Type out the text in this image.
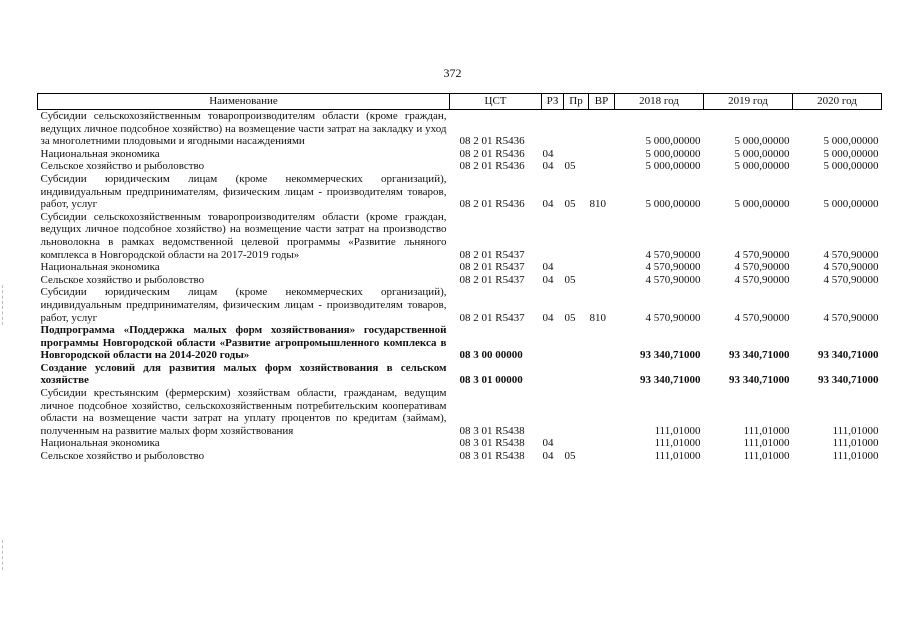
372
Наименование	ЦСТ	РЗ	Пр	ВР	2018 год	2019 год	2020 год
Субсидии сельскохозяйственным товаропроизводителям области (кроме граждан, ведущих личное подсобное хозяйство) на возмещение части затрат на закладку и уход за многолетними плодовыми и ягодными насаждениями	08 2 01 R5436				5 000,00000	5 000,00000	5 000,00000
Национальная экономика	08 2 01 R5436	04			5 000,00000	5 000,00000	5 000,00000
Сельское хозяйство и рыболовство	08 2 01 R5436	04	05		5 000,00000	5 000,00000	5 000,00000
Субсидии юридическим лицам (кроме некоммерческих организаций), индивидуальным предпринимателям, физическим лицам - производителям товаров, работ, услуг	08 2 01 R5436	04	05	810	5 000,00000	5 000,00000	5 000,00000
Субсидии сельскохозяйственным товаропроизводителям области (кроме граждан, ведущих личное подсобное хозяйство) на возмещение части затрат на производство льноволокна в рамках ведомственной целевой программы «Развитие льняного комплекса в Новгородской области на 2017-2019 годы»	08 2 01 R5437				4 570,90000	4 570,90000	4 570,90000
Национальная экономика	08 2 01 R5437	04			4 570,90000	4 570,90000	4 570,90000
Сельское хозяйство и рыболовство	08 2 01 R5437	04	05		4 570,90000	4 570,90000	4 570,90000
Субсидии юридическим лицам (кроме некоммерческих организаций), индивидуальным предпринимателям, физическим лицам - производителям товаров, работ, услуг	08 2 01 R5437	04	05	810	4 570,90000	4 570,90000	4 570,90000
Подпрограмма «Поддержка малых форм хозяйствования» государственной программы Новгородской области «Развитие агропромышленного комплекса в Новгородской области на 2014-2020 годы»	08 3 00 00000				93 340,71000	93 340,71000	93 340,71000
Создание условий для развития малых форм хозяйствования в сельском хозяйстве	08 3 01 00000				93 340,71000	93 340,71000	93 340,71000
Субсидии крестьянским (фермерским) хозяйствам области, гражданам, ведущим личное подсобное хозяйство, сельскохозяйственным потребительским кооперативам области на возмещение части затрат на уплату процентов по кредитам (займам), полученным на развитие малых форм хозяйствования	08 3 01 R5438				111,01000	111,01000	111,01000
Национальная экономика	08 3 01 R5438	04			111,01000	111,01000	111,01000
Сельское хозяйство и рыболовство	08 3 01 R5438	04	05		111,01000	111,01000	111,01000
